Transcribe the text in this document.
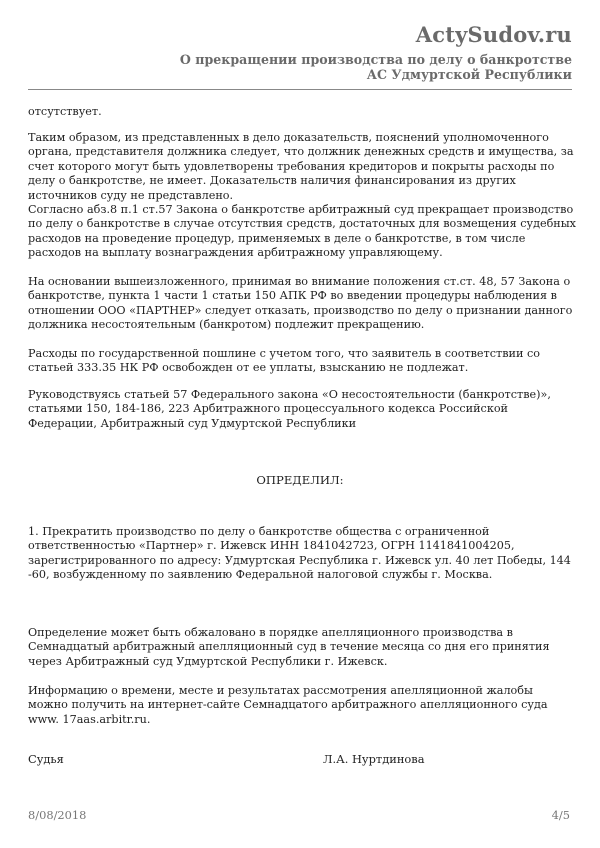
ActySudov.ru
О прекращении производства по делу о банкротстве
АС Удмуртской Республики

отсутствует.

Таким образом, из представленных в дело доказательств, пояснений уполномоченного органа, представителя должника следует, что должник денежных средств и имущества, за счет которого могут быть удовлетворены требования кредиторов и покрыты расходы по делу о банкротстве, не имеет. Доказательств наличия финансирования из других источников суду не представлено.

Согласно абз.8 п.1 ст.57 Закона о банкротстве арбитражный суд прекращает производство по делу о банкротстве в случае отсутствия средств, достаточных для возмещения судебных расходов на проведение процедур, применяемых в деле о банкротстве, в том числе расходов на выплату вознаграждения арбитражному управляющему.

На основании вышеизложенного, принимая во внимание положения ст.ст. 48, 57 Закона о банкротстве, пункта 1 части 1 статьи 150 АПК РФ во введении процедуры наблюдения в отношении ООО «ПАРТНЕР» следует отказать, производство по делу о признании данного должника несостоятельным (банкротом) подлежит прекращению.

Расходы по государственной пошлине с учетом того, что заявитель в соответствии со статьей 333.35 НК РФ освобожден от ее уплаты, взысканию не подлежат.

Руководствуясь статьей 57 Федерального закона «О несостоятельности (банкротстве)», статьями 150, 184-186, 223 Арбитражного процессуального кодекса Российской Федерации, Арбитражный суд Удмуртской Республики

ОПРЕДЕЛИЛ:

1. Прекратить производство по делу о банкротстве общества с ограниченной ответственностью «Партнер» г. Ижевск ИНН 1841042723, ОГРН 1141841004205, зарегистрированного по адресу: Удмуртская Республика г. Ижевск ул. 40 лет Победы, 144 -60, возбужденному по заявлению Федеральной налоговой службы г. Москва.

Определение может быть обжаловано в порядке апелляционного производства в Семнадцатый арбитражный апелляционный суд в течение месяца со дня его принятия через Арбитражный суд Удмуртской Республики г. Ижевск.

Информацию о времени, месте и результатах рассмотрения апелляционной жалобы можно получить на интернет-сайте Семнадцатого арбитражного апелляционного суда www. 17aas.arbitr.ru.

Судья	Л.А. Нуртдинова
8/08/2018	4/5
